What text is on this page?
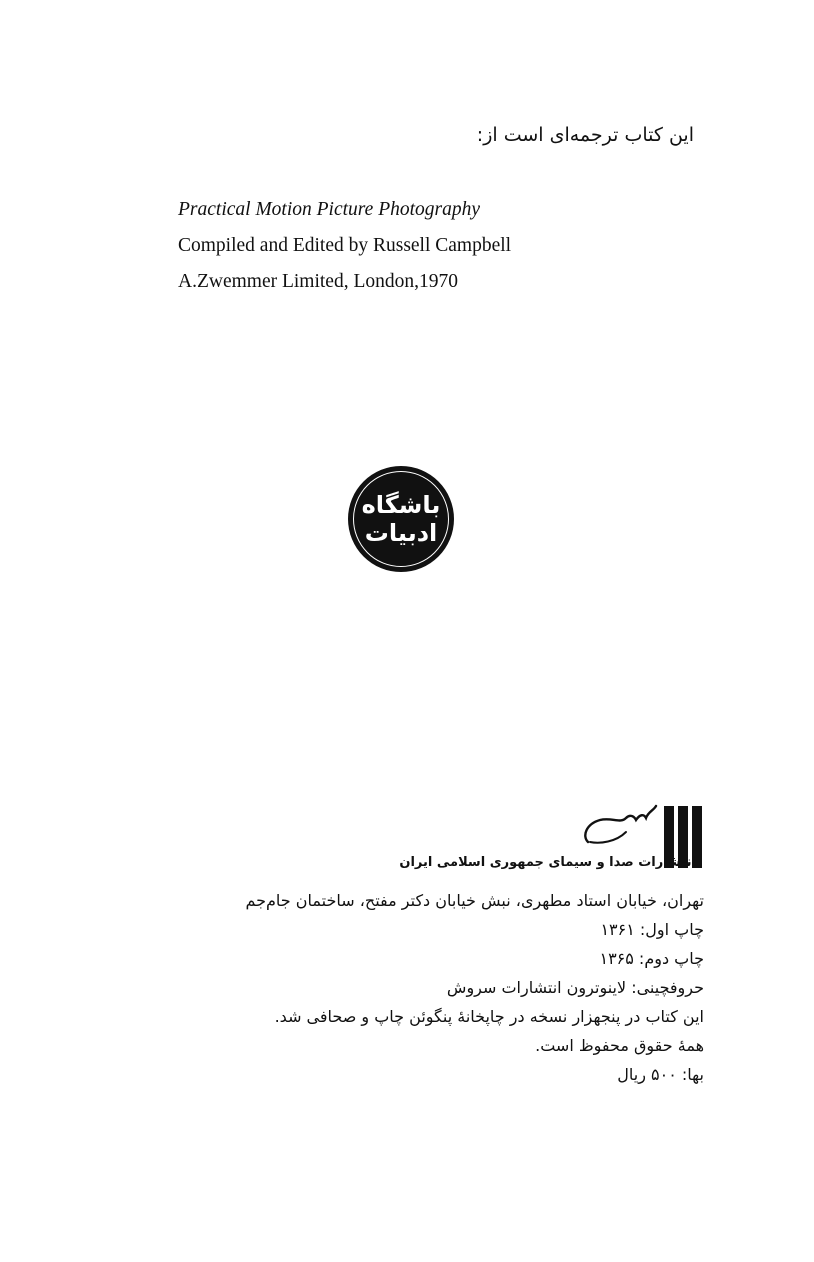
این کتاب ترجمه‌ای است از:
Practical Motion Picture Photography
Compiled and Edited by Russell Campbell
A.Zwemmer Limited, London,1970
باشگاه
ادبیات
انتشارات صدا و سیمای جمهوری اسلامی ایران
تهران، خیابان استاد مطهری، نبش خیابان دکتر مفتح، ساختمان جام‌جم
چاپ اول: ۱۳۶۱
چاپ دوم: ۱۳۶۵
حروفچینی: لاینوترون انتشارات سروش
این کتاب در پنجهزار نسخه در چاپخانهٔ پنگوئن چاپ و صحافی شد.
همهٔ حقوق محفوظ است.
بها: ۵۰۰ ریال
